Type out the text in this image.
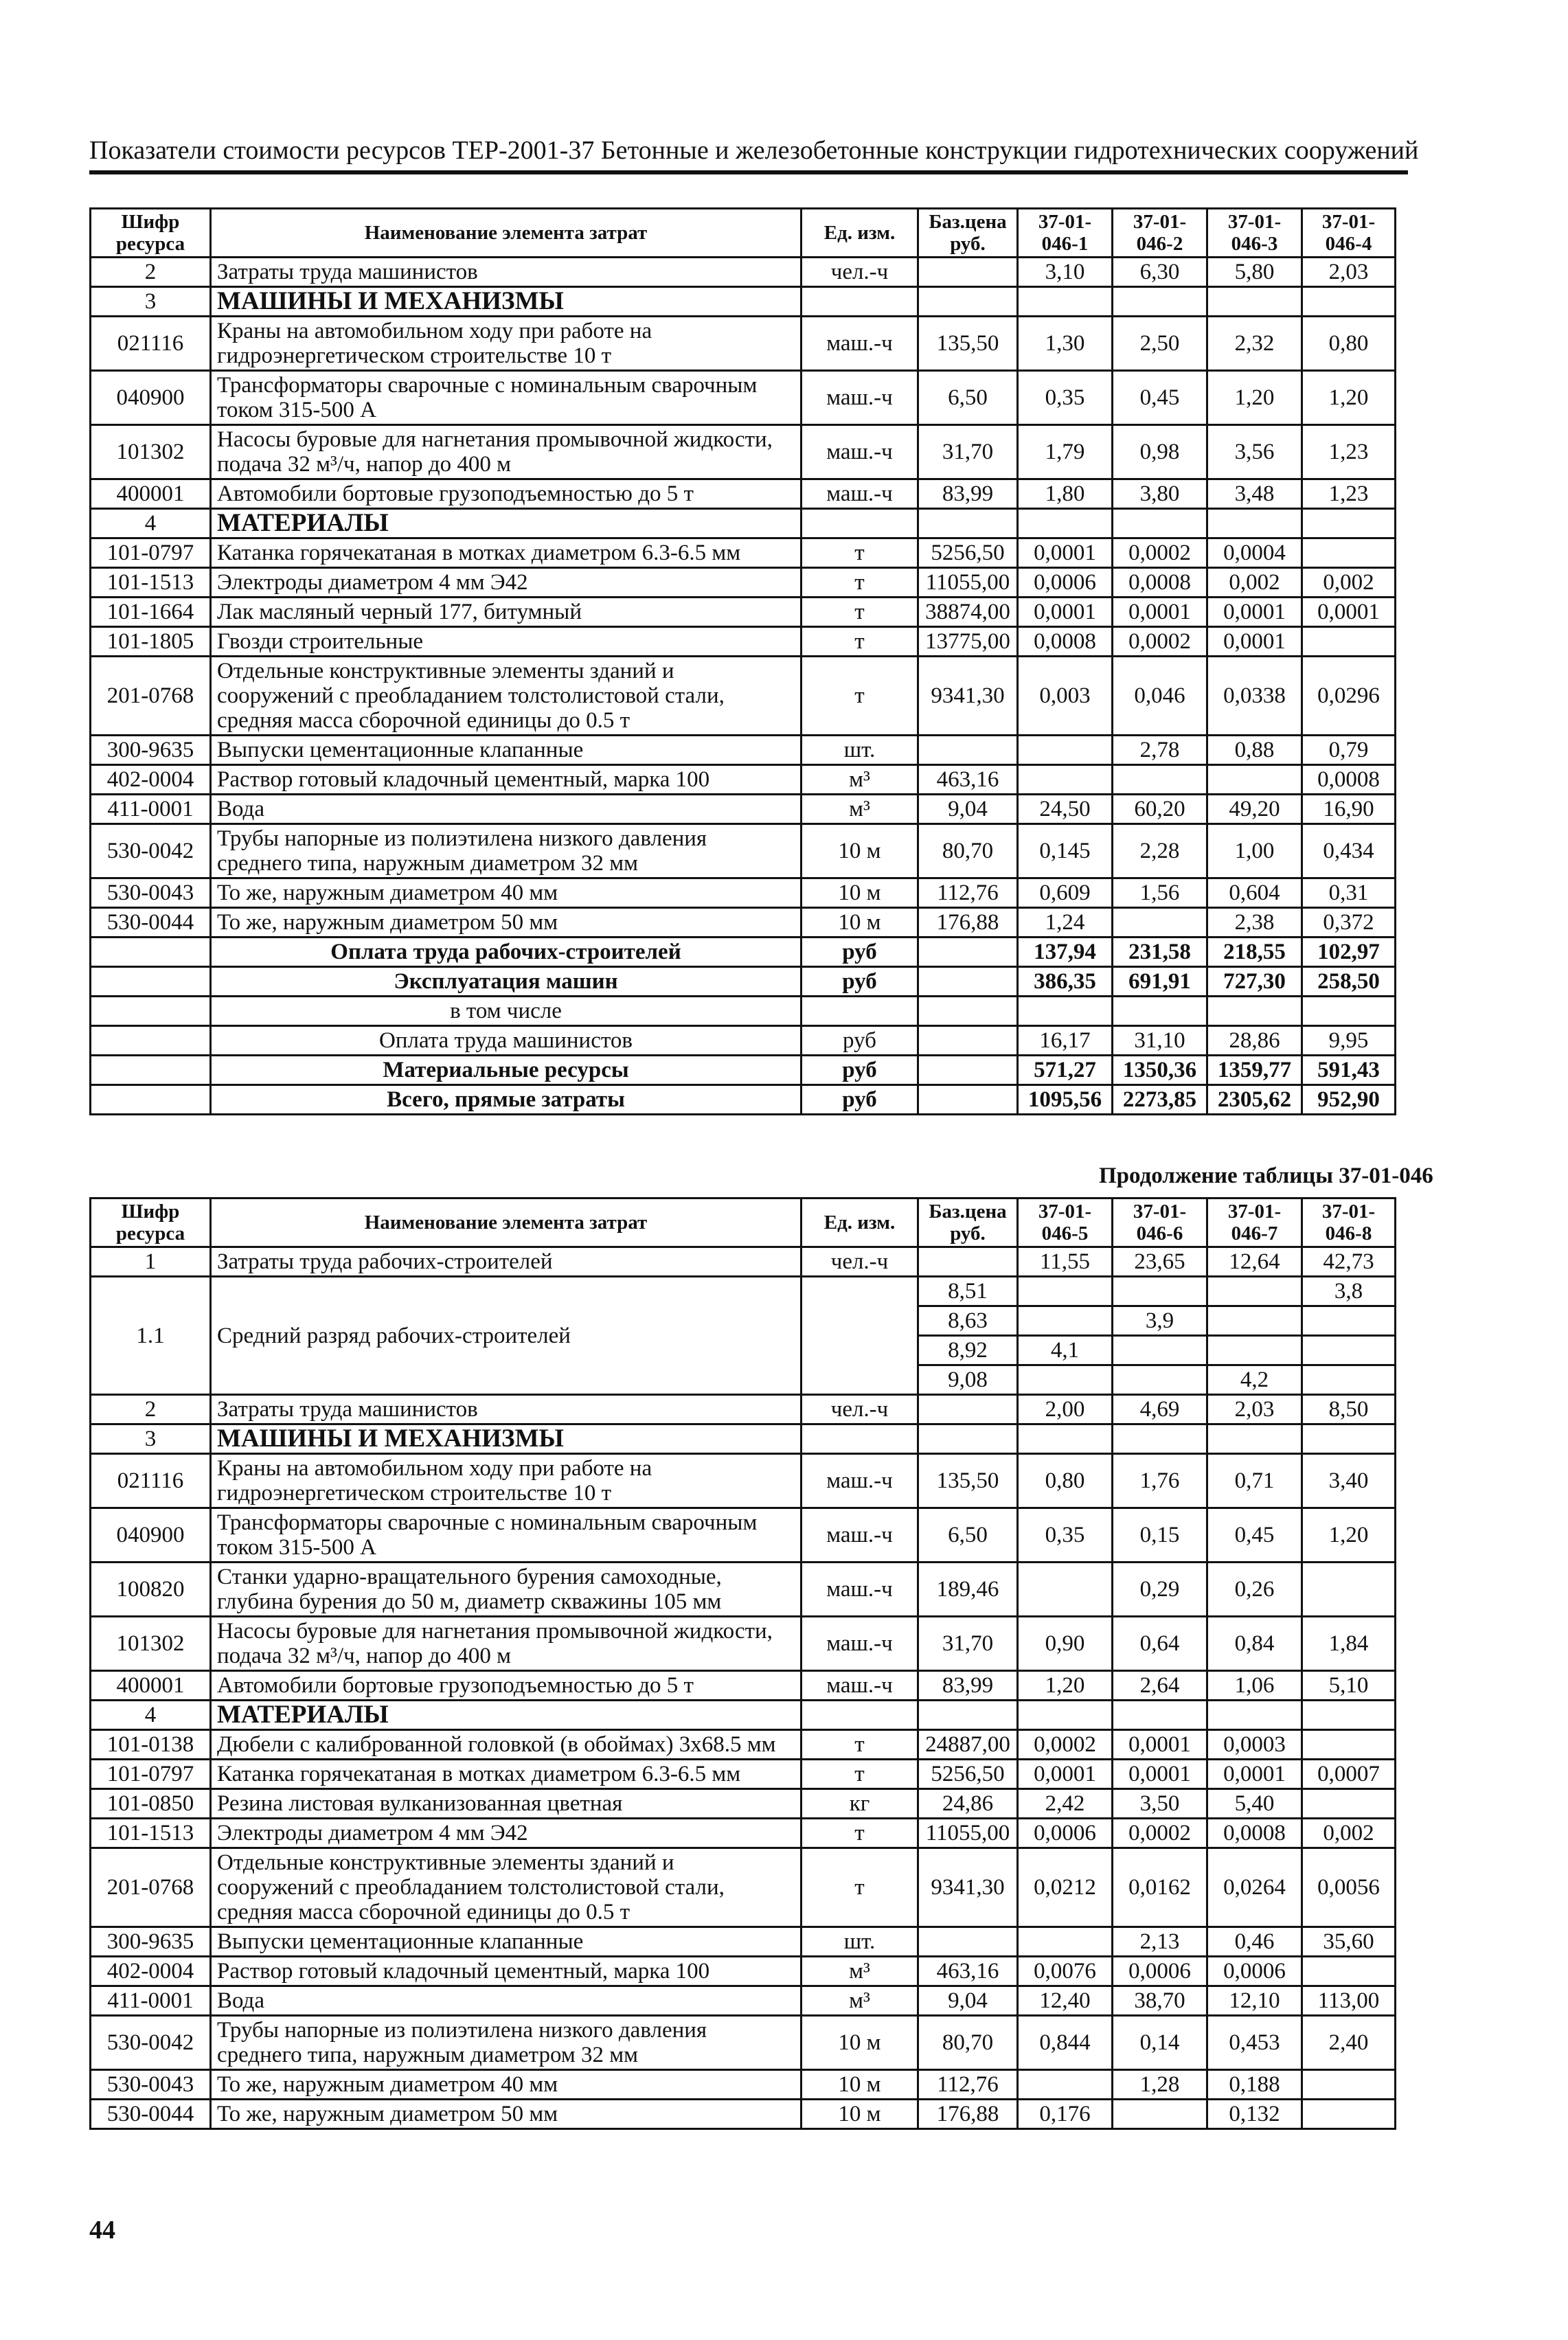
Показатели стоимости ресурсов ТЕР-2001-37 Бетонные и железобетонные конструкции гидротехнических сооружений
Шифр ресурса	Наименование элемента затрат	Ед. изм.	Баз.цена руб.	37-01-046-1	37-01-046-2	37-01-046-3	37-01-046-4
2	Затраты труда машинистов	чел.-ч		3,10	6,30	5,80	2,03
3	МАШИНЫ И МЕХАНИЗМЫ						
021116	Краны на автомобильном ходу при работе на гидроэнергетическом строительстве 10 т	маш.-ч	135,50	1,30	2,50	2,32	0,80
040900	Трансформаторы сварочные с номинальным сварочным током 315-500 А	маш.-ч	6,50	0,35	0,45	1,20	1,20
101302	Насосы буровые для нагнетания промывочной жидкости, подача 32 м³/ч, напор до 400 м	маш.-ч	31,70	1,79	0,98	3,56	1,23
400001	Автомобили бортовые грузоподъемностью до 5 т	маш.-ч	83,99	1,80	3,80	3,48	1,23
4	МАТЕРИАЛЫ						
101-0797	Катанка горячекатаная в мотках диаметром 6.3-6.5 мм	т	5256,50	0,0001	0,0002	0,0004	
101-1513	Электроды диаметром 4 мм Э42	т	11055,00	0,0006	0,0008	0,002	0,002
101-1664	Лак масляный черный 177, битумный	т	38874,00	0,0001	0,0001	0,0001	0,0001
101-1805	Гвозди строительные	т	13775,00	0,0008	0,0002	0,0001	
201-0768	Отдельные конструктивные элементы зданий и сооружений с преобладанием толстолистовой стали, средняя масса сборочной единицы до 0.5 т	т	9341,30	0,003	0,046	0,0338	0,0296
300-9635	Выпуски цементационные клапанные	шт.			2,78	0,88	0,79
402-0004	Раствор готовый кладочный цементный, марка 100	м³	463,16				0,0008
411-0001	Вода	м³	9,04	24,50	60,20	49,20	16,90
530-0042	Трубы напорные из полиэтилена низкого давления среднего типа, наружным диаметром 32 мм	10 м	80,70	0,145	2,28	1,00	0,434
530-0043	То же, наружным диаметром 40 мм	10 м	112,76	0,609	1,56	0,604	0,31
530-0044	То же, наружным диаметром 50 мм	10 м	176,88	1,24		2,38	0,372
	Оплата труда рабочих-строителей	руб		137,94	231,58	218,55	102,97
	Эксплуатация машин	руб		386,35	691,91	727,30	258,50
	в том числе						
	Оплата труда машинистов	руб		16,17	31,10	28,86	9,95
	Материальные ресурсы	руб		571,27	1350,36	1359,77	591,43
	Всего, прямые затраты	руб		1095,56	2273,85	2305,62	952,90
Продолжение таблицы 37-01-046
Шифр ресурса	Наименование элемента затрат	Ед. изм.	Баз.цена руб.	37-01-046-5	37-01-046-6	37-01-046-7	37-01-046-8
1	Затраты труда рабочих-строителей	чел.-ч		11,55	23,65	12,64	42,73
1.1	Средний разряд рабочих-строителей		8,51				3,8
			8,63		3,9		
			8,92	4,1			
			9,08			4,2	
2	Затраты труда машинистов	чел.-ч		2,00	4,69	2,03	8,50
3	МАШИНЫ И МЕХАНИЗМЫ						
021116	Краны на автомобильном ходу при работе на гидроэнергетическом строительстве 10 т	маш.-ч	135,50	0,80	1,76	0,71	3,40
040900	Трансформаторы сварочные с номинальным сварочным током 315-500 А	маш.-ч	6,50	0,35	0,15	0,45	1,20
100820	Станки ударно-вращательного бурения самоходные, глубина бурения до 50 м, диаметр скважины 105 мм	маш.-ч	189,46		0,29	0,26	
101302	Насосы буровые для нагнетания промывочной жидкости, подача 32 м³/ч, напор до 400 м	маш.-ч	31,70	0,90	0,64	0,84	1,84
400001	Автомобили бортовые грузоподъемностью до 5 т	маш.-ч	83,99	1,20	2,64	1,06	5,10
4	МАТЕРИАЛЫ						
101-0138	Дюбели с калиброванной головкой (в обоймах) 3х68.5 мм	т	24887,00	0,0002	0,0001	0,0003	
101-0797	Катанка горячекатаная в мотках диаметром 6.3-6.5 мм	т	5256,50	0,0001	0,0001	0,0001	0,0007
101-0850	Резина листовая вулканизованная цветная	кг	24,86	2,42	3,50	5,40	
101-1513	Электроды диаметром 4 мм Э42	т	11055,00	0,0006	0,0002	0,0008	0,002
201-0768	Отдельные конструктивные элементы зданий и сооружений с преобладанием толстолистовой стали, средняя масса сборочной единицы до 0.5 т	т	9341,30	0,0212	0,0162	0,0264	0,0056
300-9635	Выпуски цементационные клапанные	шт.			2,13	0,46	35,60
402-0004	Раствор готовый кладочный цементный, марка 100	м³	463,16	0,0076	0,0006	0,0006	
411-0001	Вода	м³	9,04	12,40	38,70	12,10	113,00
530-0042	Трубы напорные из полиэтилена низкого давления среднего типа, наружным диаметром 32 мм	10 м	80,70	0,844	0,14	0,453	2,40
530-0043	То же, наружным диаметром 40 мм	10 м	112,76		1,28	0,188	
530-0044	То же, наружным диаметром 50 мм	10 м	176,88	0,176		0,132	
44
